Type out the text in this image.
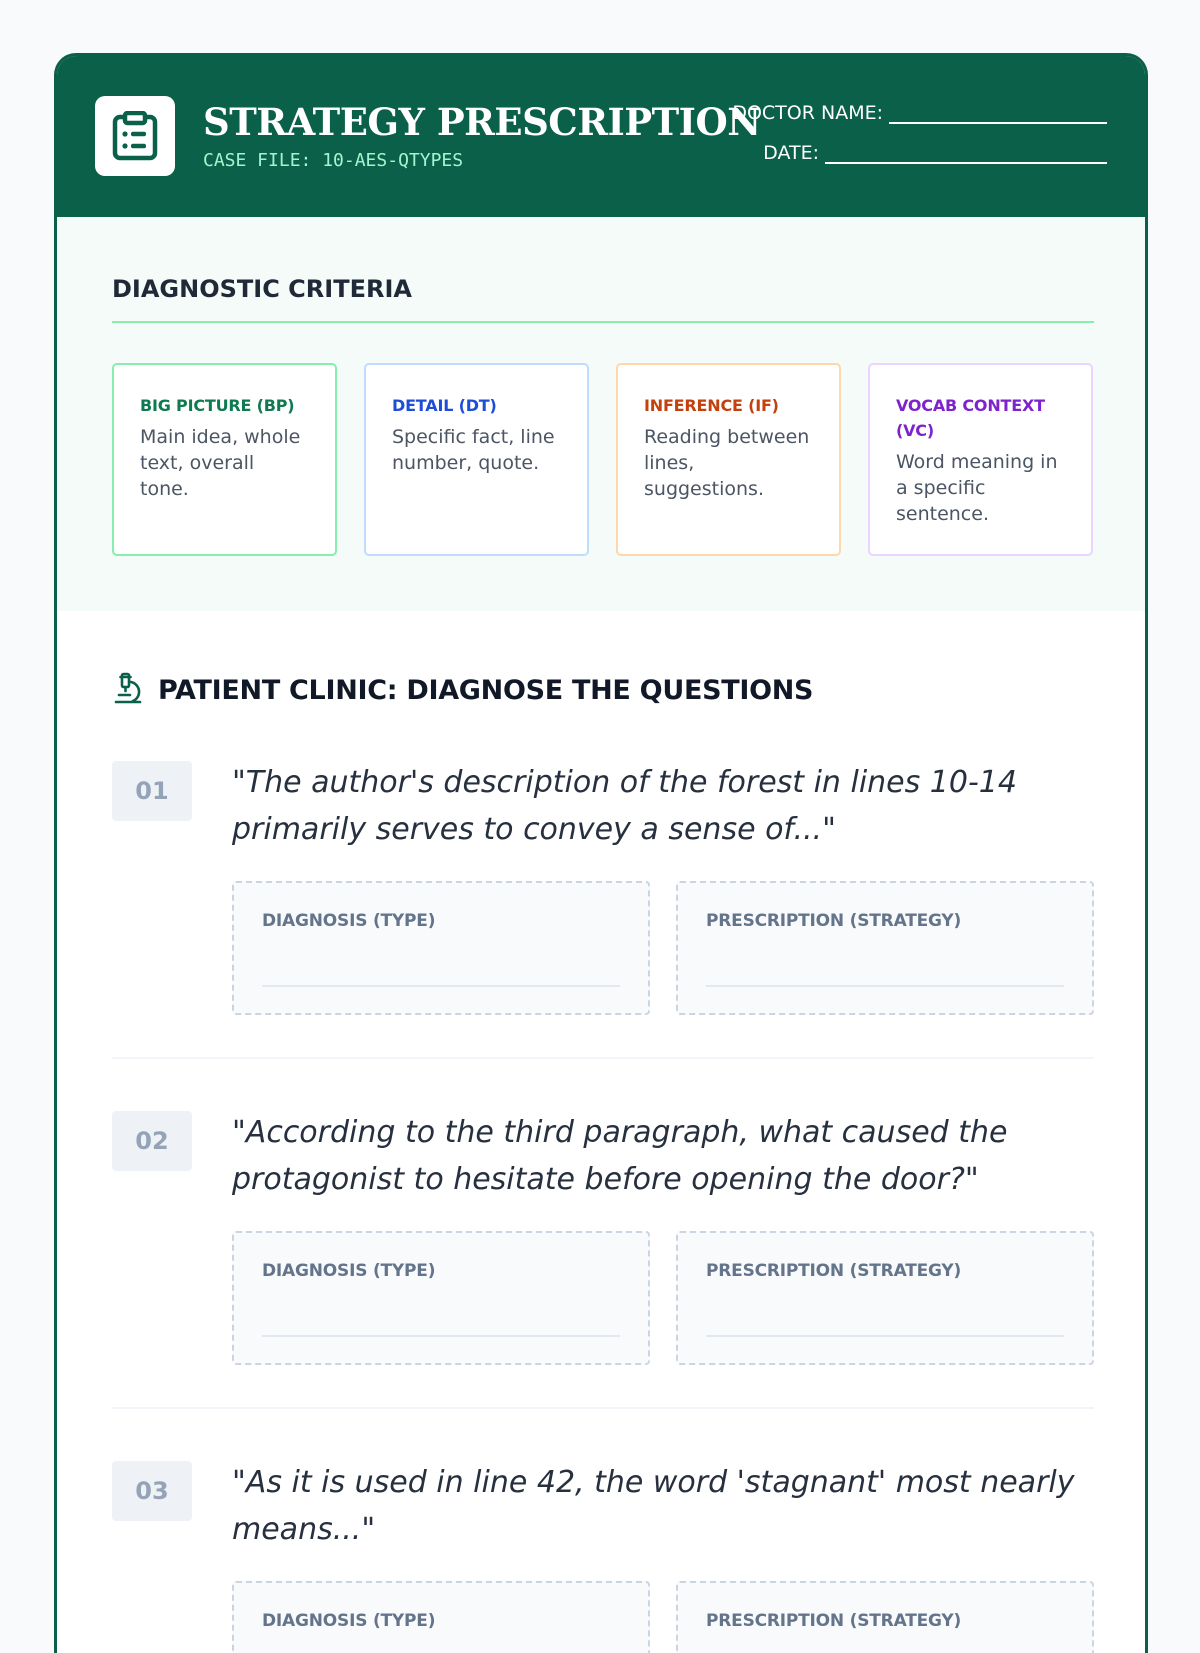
STRATEGY PRESCRIPTION
CASE FILE: 10-AES-QTYPES
DOCTOR NAME:
DATE:
DIAGNOSTIC CRITERIA
BIG PICTURE (BP)
Main idea, whole text, overall tone.
DETAIL (DT)
Specific fact, line number, quote.
INFERENCE (IF)
Reading between lines, suggestions.
VOCAB CONTEXT (VC)
Word meaning in a specific sentence.
PATIENT CLINIC: DIAGNOSE THE QUESTIONS
01	"The author's description of the forest in lines 10-14 primarily serves to convey a sense of..."

DIAGNOSIS (TYPE)	PRESCRIPTION (STRATEGY)
02	"According to the third paragraph, what caused the protagonist to hesitate before opening the door?"

DIAGNOSIS (TYPE)	PRESCRIPTION (STRATEGY)
03	"As it is used in line 42, the word 'stagnant' most nearly means..."

DIAGNOSIS (TYPE)	PRESCRIPTION (STRATEGY)
